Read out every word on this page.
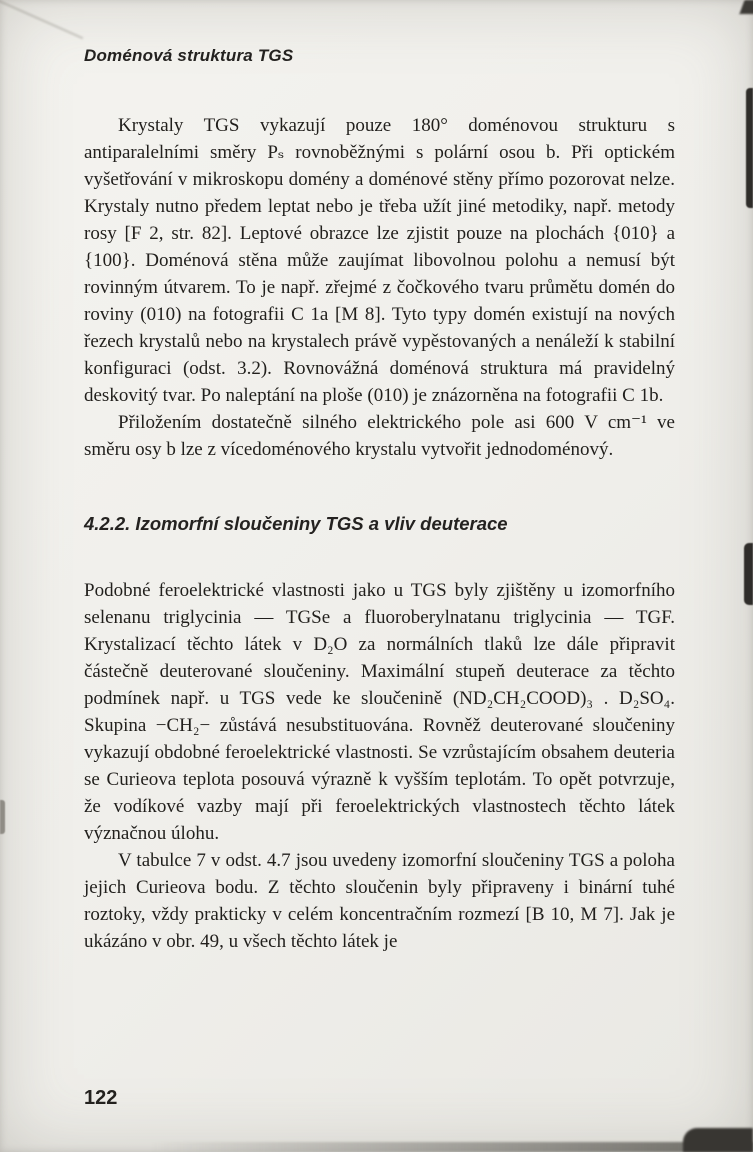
Doménová struktura TGS

Krystaly TGS vykazují pouze 180° doménovou strukturu s antiparalelními směry Pₛ rovnoběžnými s polární osou b. Při optickém vyšetřování v mikroskopu domény a doménové stěny přímo pozorovat nelze. Krystaly nutno předem leptat nebo je třeba užít jiné metodiky, např. metody rosy [F 2, str. 82]. Leptové obrazce lze zjistit pouze na plochách {010} a {100}. Doménová stěna může zaujímat libovolnou polohu a nemusí být rovinným útvarem. To je např. zřejmé z čočkového tvaru průmětu domén do roviny (010) na fotografii C 1a [M 8]. Tyto typy domén existují na nových řezech krystalů nebo na krystalech právě vypěstovaných a nenáleží k stabilní konfiguraci (odst. 3.2). Rovnovážná doménová struktura má pravidelný deskovitý tvar. Po naleptání na ploše (010) je znázorněna na fotografii C 1b.

Přiložením dostatečně silného elektrického pole asi 600 V cm⁻¹ ve směru osy b lze z vícedoménového krystalu vytvořit jednodoménový.

4.2.2. Izomorfní sloučeniny TGS a vliv deuterace

Podobné feroelektrické vlastnosti jako u TGS byly zjištěny u izomorfního selenanu triglycinia — TGSe a fluoroberylnatanu triglycinia — TGF. Krystalizací těchto látek v D₂O za normálních tlaků lze dále připravit částečně deuterované sloučeniny. Maximální stupeň deuterace za těchto podmínek např. u TGS vede ke sloučenině (ND₂CH₂COOD)₃ . D₂SO₄. Skupina −CH₂− zůstává nesubstituována. Rovněž deuterované sloučeniny vykazují obdobné feroelektrické vlastnosti. Se vzrůstajícím obsahem deuteria se Curieova teplota posouvá výrazně k vyšším teplotám. To opět potvrzuje, že vodíkové vazby mají při feroelektrických vlastnostech těchto látek význačnou úlohu.

V tabulce 7 v odst. 4.7 jsou uvedeny izomorfní sloučeniny TGS a poloha jejich Curieova bodu. Z těchto sloučenin byly připraveny i binární tuhé roztoky, vždy prakticky v celém koncentračním rozmezí [B 10, M 7]. Jak je ukázáno v obr. 49, u všech těchto látek je

122
